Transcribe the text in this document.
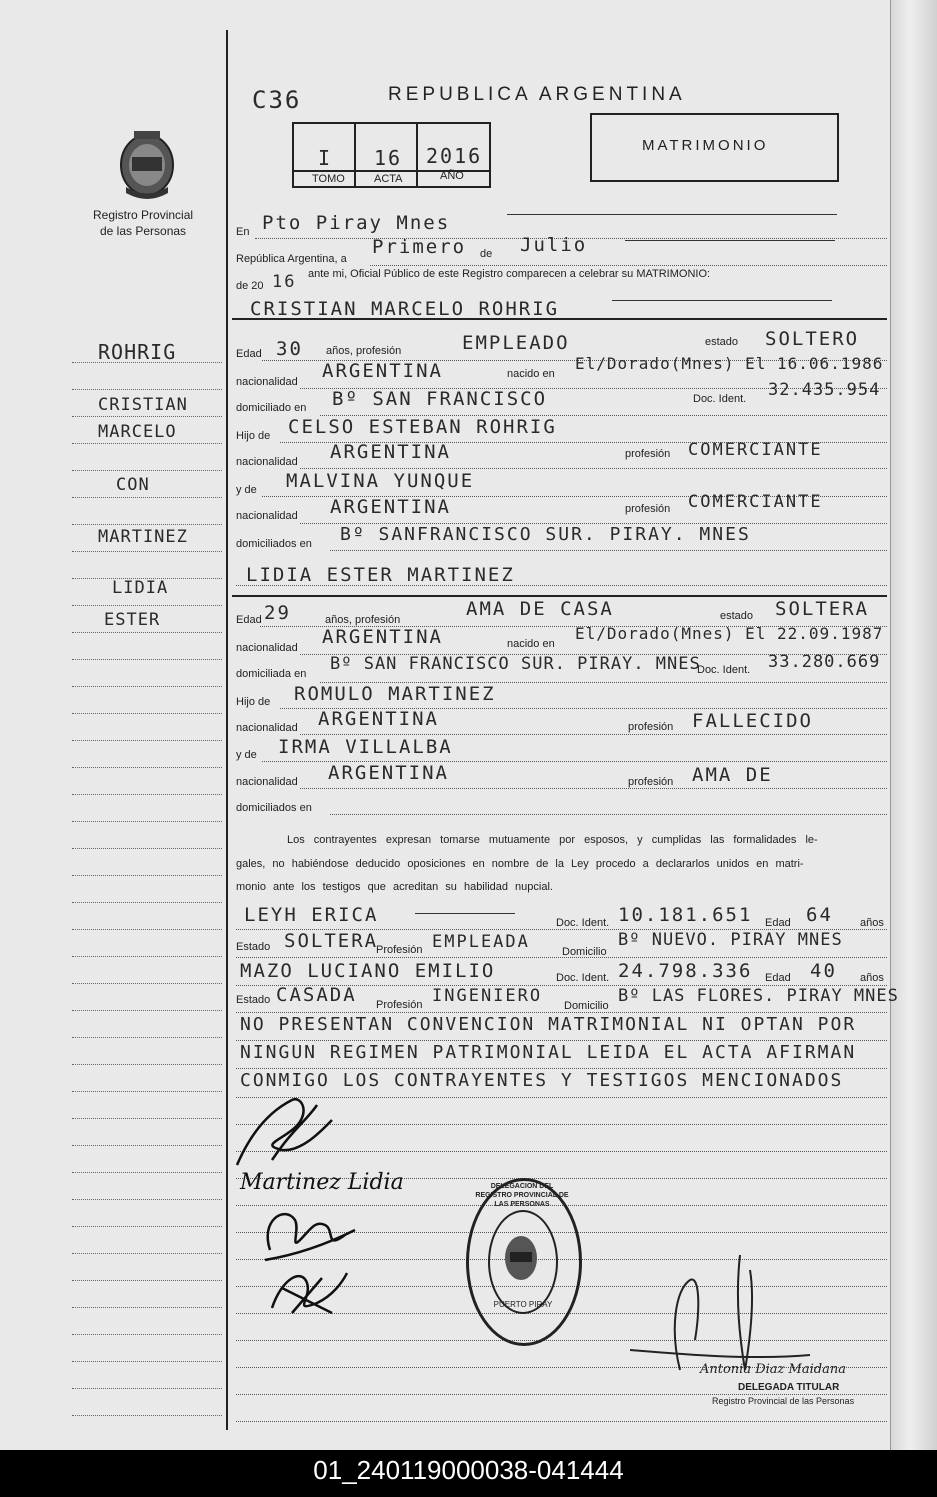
Registro Provincial
de las Personas
C36	REPUBLICA ARGENTINA
I 16 2016
TOMO	ACTA	AÑO
MATRIMONIO
En Pto Piray Mnes
República Argentina, a
Primero de Julio
de 20 16 ante mi, Oficial Público de este Registro comparecen a celebrar su MATRIMONIO:
CRISTIAN MARCELO ROHRIG
Edad 30 años, profesión	EMPLEADO	estado SOLTERO
nacionalidad ARGENTINA	nacido en
El/Dorado(Mnes) El 16.06.1986
domiciliado en Bº SAN FRANCISCO	Doc. Ident. 32.435.954
Hijo de CELSO ESTEBAN ROHRIG
nacionalidad ARGENTINA	profesión COMERCIANTE
y de MALVINA YUNQUE
nacionalidad ARGENTINA	profesión COMERCIANTE
domiciliados en Bº SANFRANCISCO SUR. PIRAY. MNES
LIDIA ESTER MARTINEZ
Edad 29	años, profesión	AMA DE CASA	estado SOLTERA
nacionalidad ARGENTINA	nacido en
El/Dorado(Mnes) El 22.09.1987
domiciliada en Bº SAN FRANCISCO SUR. PIRAY. MNES
Doc. Ident. 33.280.669
Hijo de ROMULO MARTINEZ
nacionalidad ARGENTINA	profesión FALLECIDO
y de IRMA VILLALBA
nacionalidad ARGENTINA	profesión AMA DE
domiciliados en
Los contrayentes expresan tomarse mutuamente por esposos, y cumplidas las formalidades le-
gales, no habiéndose deducido oposiciones en nombre de la Ley procedo a declararlos unidos en matri-
monio ante los testigos que acreditan su habilidad nupcial.
LEYH ERICA	Doc. Ident. 10.181.651 Edad 64 años
Estado SOLTERA
Profesión EMPLEADA	Domicilio
Bº NUEVO. PIRAY MNES
MAZO LUCIANO EMILIO	Doc. Ident. 24.798.336 Edad 40 años
Estado CASADA Profesión INGENIERO Domicilio Bº LAS FLORES. PIRAY MNES
NO PRESENTAN CONVENCION MATRIMONIAL NI OPTAN POR
NINGUN REGIMEN PATRIMONIAL LEIDA EL ACTA AFIRMAN
CONMIGO LOS CONTRAYENTES Y TESTIGOS MENCIONADOS
ROHRIG
CRISTIAN
MARCELO
CON
MARTINEZ
LIDIA
ESTER
Martinez Lidia	DELEGACION DEL REGISTRO PROVINCIAL DE LAS PERSONAS
PUERTO PIRAY
Antonia Diaz Maidana
DELEGADA TITULAR
Registro Provincial de las Personas
01_240119000038-041444
